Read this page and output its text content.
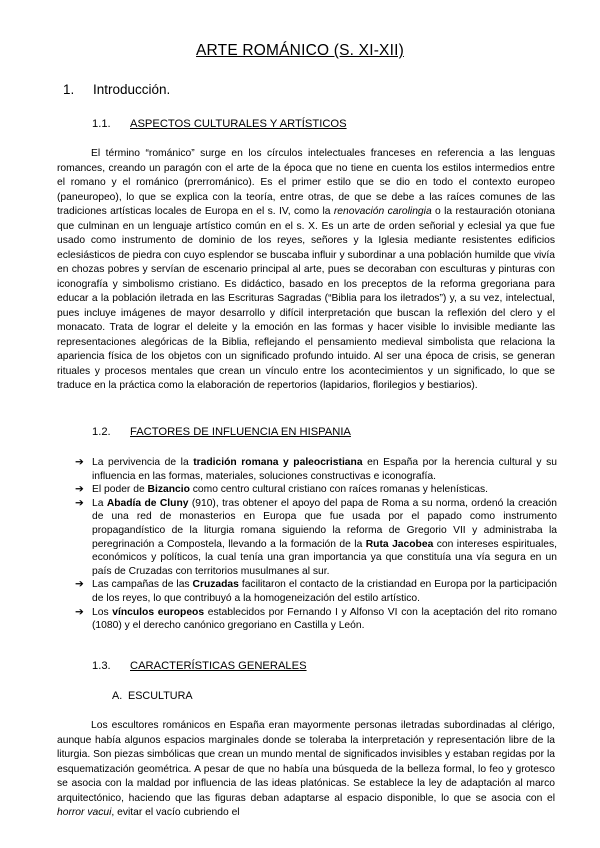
ARTE ROMÁNICO (S. XI-XII)
1. Introducción.
1.1. ASPECTOS CULTURALES Y ARTÍSTICOS
El término “románico” surge en los círculos intelectuales franceses en referencia a las lenguas romances, creando un paragón con el arte de la época que no tiene en cuenta los estilos intermedios entre el romano y el románico (prerrománico). Es el primer estilo que se dio en todo el contexto europeo (paneuropeo), lo que se explica con la teoría, entre otras, de que se debe a las raíces comunes de las tradiciones artísticas locales de Europa en el s. IV, como la renovación carolingia o la restauración otoniana que culminan en un lenguaje artístico común en el s. X. Es un arte de orden señorial y eclesial ya que fue usado como instrumento de dominio de los reyes, señores y la Iglesia mediante resistentes edificios eclesiásticos de piedra con cuyo esplendor se buscaba influir y subordinar a una población humilde que vivía en chozas pobres y servían de escenario principal al arte, pues se decoraban con esculturas y pinturas con iconografía y simbolismo cristiano. Es didáctico, basado en los preceptos de la reforma gregoriana para educar a la población iletrada en las Escrituras Sagradas (“Biblia para los iletrados”) y, a su vez, intelectual, pues incluye imágenes de mayor desarrollo y difícil interpretación que buscan la reflexión del clero y el monacato. Trata de lograr el deleite y la emoción en las formas y hacer visible lo invisible mediante las representaciones alegóricas de la Biblia, reflejando el pensamiento medieval simbolista que relaciona la apariencia física de los objetos con un significado profundo intuido. Al ser una época de crisis, se generan rituales y procesos mentales que crean un vínculo entre los acontecimientos y un significado, lo que se traduce en la práctica como la elaboración de repertorios (lapidarios, florilegios y bestiarios).
1.2. FACTORES DE INFLUENCIA EN HISPANIA
➔ La pervivencia de la tradición romana y paleocristiana en España por la herencia cultural y su influencia en las formas, materiales, soluciones constructivas e iconografía.
➔ El poder de Bizancio como centro cultural cristiano con raíces romanas y helenísticas.
➔ La Abadía de Cluny (910), tras obtener el apoyo del papa de Roma a su norma, ordenó la creación de una red de monasterios en Europa que fue usada por el papado como instrumento propagandístico de la liturgia romana siguiendo la reforma de Gregorio VII y administraba la peregrinación a Compostela, llevando a la formación de la Ruta Jacobea con intereses espirituales, económicos y políticos, la cual tenía una gran importancia ya que constituía una vía segura en un país de Cruzadas con territorios musulmanes al sur.
➔ Las campañas de las Cruzadas facilitaron el contacto de la cristiandad en Europa por la participación de los reyes, lo que contribuyó a la homogeneización del estilo artístico.
➔ Los vínculos europeos establecidos por Fernando I y Alfonso VI con la aceptación del rito romano (1080) y el derecho canónico gregoriano en Castilla y León.
1.3. CARACTERÍSTICAS GENERALES
A. ESCULTURA
Los escultores románicos en España eran mayormente personas iletradas subordinadas al clérigo, aunque había algunos espacios marginales donde se toleraba la interpretación y representación libre de la liturgia. Son piezas simbólicas que crean un mundo mental de significados invisibles y estaban regidas por la esquematización geométrica. A pesar de que no había una búsqueda de la belleza formal, lo feo y grotesco se asocia con la maldad por influencia de las ideas platónicas. Se establece la ley de adaptación al marco arquitectónico, haciendo que las figuras deban adaptarse al espacio disponible, lo que se asocia con el horror vacui, evitar el vacío cubriendo el
